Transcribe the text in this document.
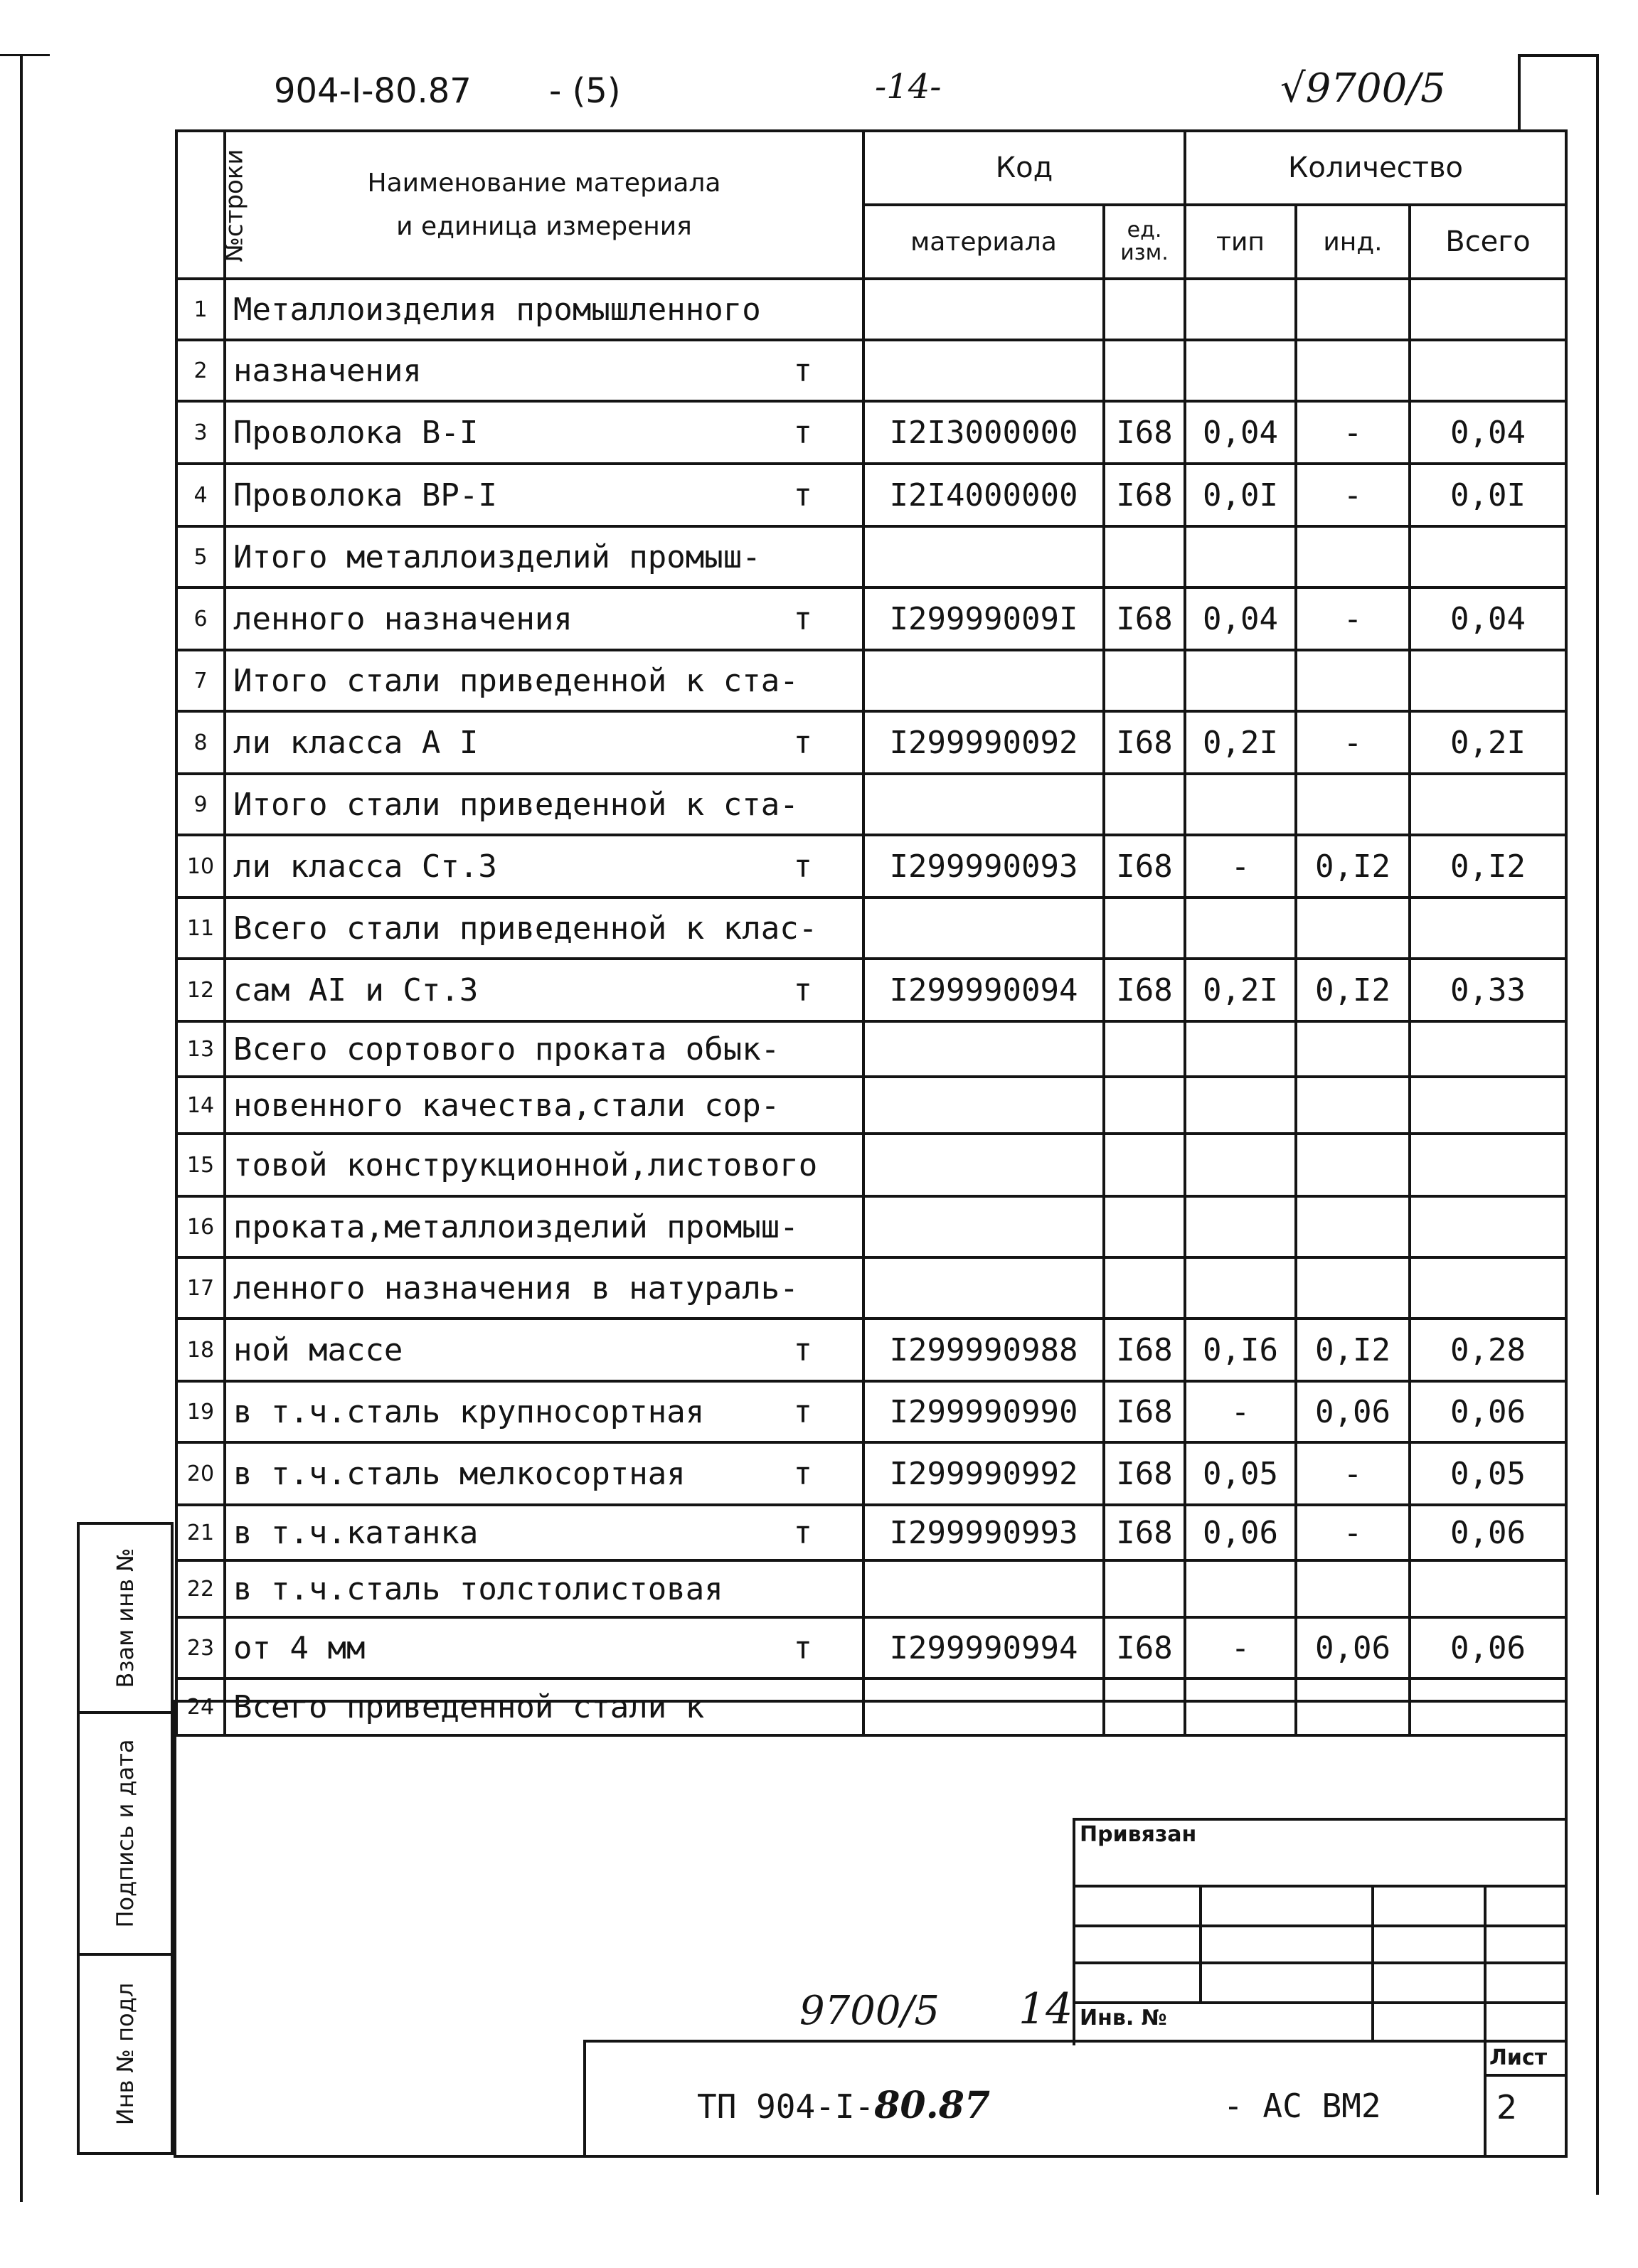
904-I-80.87 - (5)	-14-	√9700/5
№строки	Наименование материала
и единица измерения	Код		Количество		
		материала	ед. изм.	тип	инд.	Всего
1	Металлоизделия промышленного

2	назначения т					

3	Проволока В-I т	I2I3000000	I68	0,04	-	0,04
4	Проволока ВР-I т	I2I4000000	I68	0,0I	-	0,0I
5	Итого металлоизделий промыш-

6	ленного назначения т	I29999009I	I68	0,04	-	0,04
7	Итого стали приведенной к ста-

8	ли класса А I т	I299990092	I68	0,2I	-	0,2I
9	Итого стали приведенной к ста-

10	ли класса Ст.3 т	I299990093	I68	-	0,I2	0,I2
11	Всего стали приведенной к клас-

12	сам AI и Ст.3 т	I299990094	I68	0,2I	0,I2	0,33
13	Всего сортового проката обык-

14	новенного качества,стали сор-

15	товой конструкционной,листового

16	проката,металлоизделий промыш-

17	ленного назначения в натураль-

18	ной массе т	I299990988	I68	0,I6	0,I2	0,28
19	в т.ч.сталь крупносортная т	I299990990	I68	-	0,06	0,06
20	в т.ч.сталь мелкосортная т	I299990992	I68	0,05	-	0,05
21	в т.ч.катанка т	I299990993	I68	0,06	-	0,06
22	в т.ч.сталь толстолистовая

23	от 4 мм т	I299990994	I68	-	0,06	0,06
24	Всего приведенной стали к

Взам инв №
Подпись и дата
Инв № подл
Привязан
Инв. №
9700/5 14
ТП 904-I-80.87	- АС ВМ2
Лист
2
